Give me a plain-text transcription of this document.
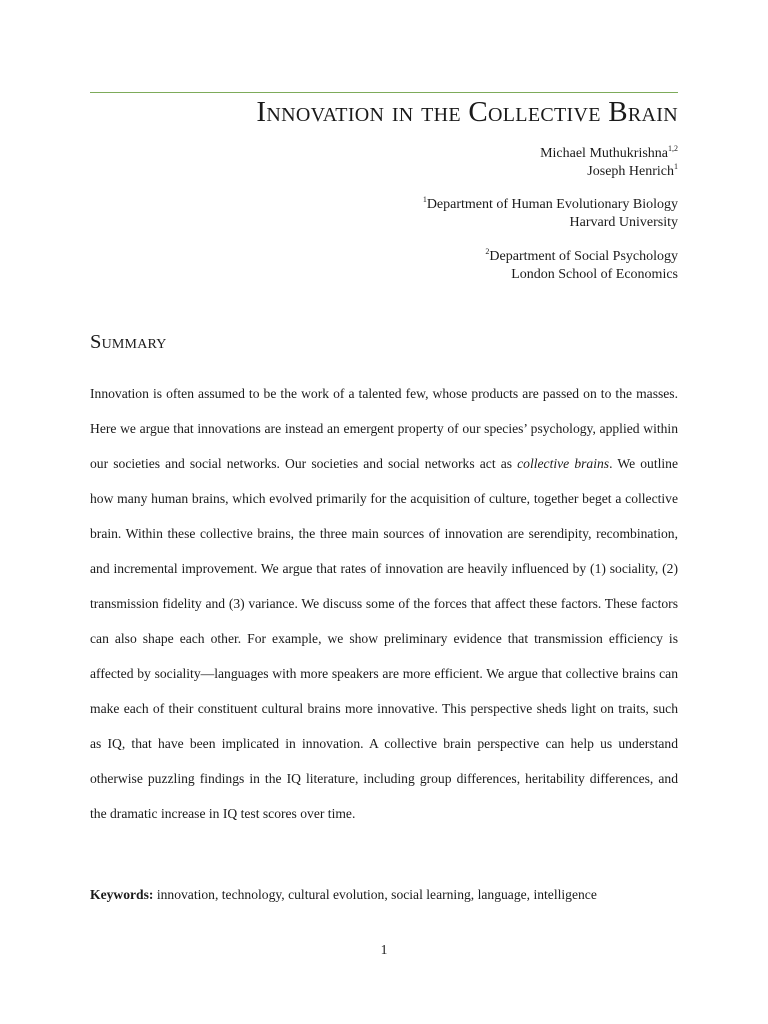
Innovation in the Collective Brain
Michael Muthukrishna$^{1,2}$
Joseph Henrich$^1$
$^1$Department of Human Evolutionary Biology
Harvard University
$^2$Department of Social Psychology
London School of Economics
Summary

Innovation is often assumed to be the work of a talented few, whose products are passed on to the masses. Here we argue that innovations are instead an emergent property of our species’ psychology, applied within our societies and social networks. Our societies and social networks act as collective brains. We outline how many human brains, which evolved primarily for the acquisition of culture, together beget a collective brain. Within these collective brains, the three main sources of innovation are serendipity, recombination, and incremental improvement. We argue that rates of innovation are heavily influenced by (1) sociality, (2) transmission fidelity and (3) variance. We discuss some of the forces that affect these factors. These factors can also shape each other. For example, we show preliminary evidence that transmission efficiency is affected by sociality—languages with more speakers are more efficient. We argue that collective brains can make each of their constituent cultural brains more innovative. This perspective sheds light on traits, such as IQ, that have been implicated in innovation. A collective brain perspective can help us understand otherwise puzzling findings in the IQ literature, including group differences, heritability differences, and the dramatic increase in IQ test scores over time.

Keywords: innovation, technology, cultural evolution, social learning, language, intelligence
1
